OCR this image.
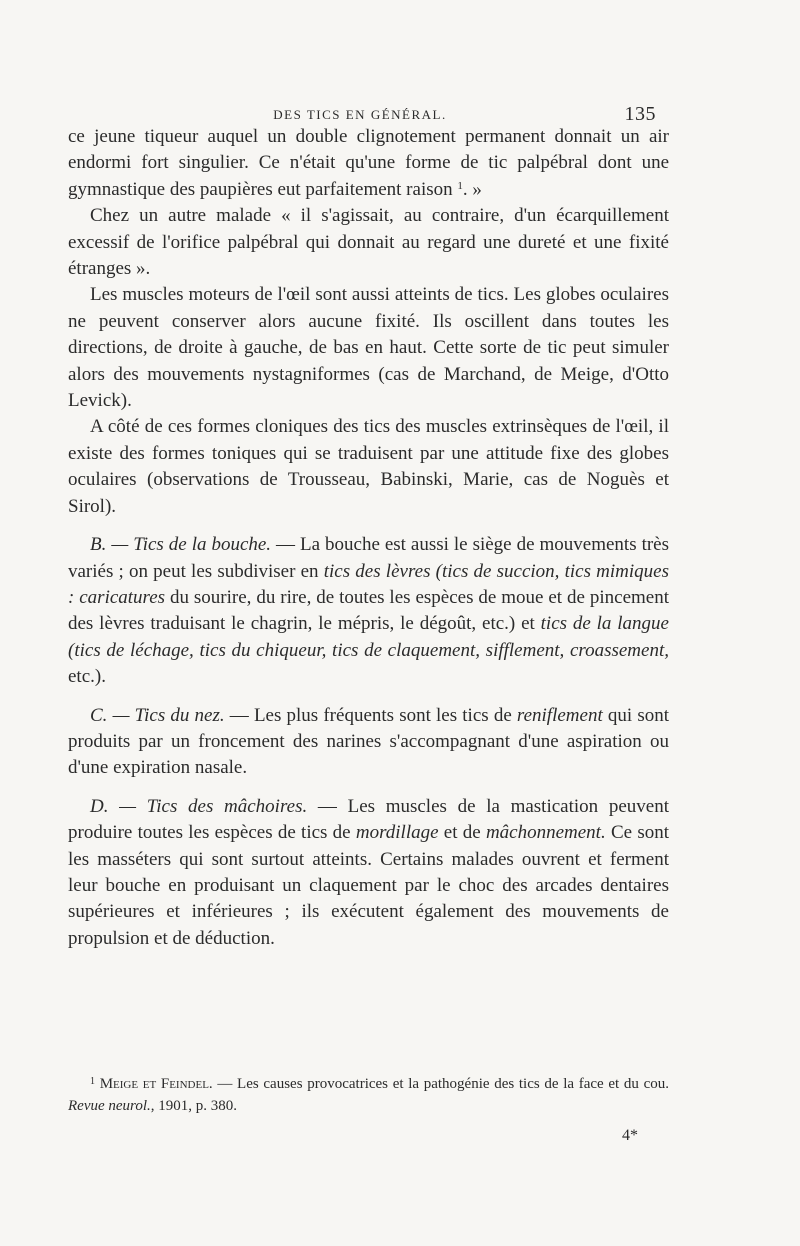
DES TICS EN GÉNÉRAL.	135

ce jeune tiqueur auquel un double clignotement permanent donnait un air endormi fort singulier. Ce n'était qu'une forme de tic palpébral dont une gymnastique des paupières eut parfaitement raison $^1$. »

Chez un autre malade « il s'agissait, au contraire, d'un écarquillement excessif de l'orifice palpébral qui donnait au regard une dureté et une fixité étranges ».

Les muscles moteurs de l'œil sont aussi atteints de tics. Les globes oculaires ne peuvent conserver alors aucune fixité. Ils oscillent dans toutes les directions, de droite à gauche, de bas en haut. Cette sorte de tic peut simuler alors des mouvements nystagniformes (cas de Marchand, de Meige, d'Otto Levick).

A côté de ces formes cloniques des tics des muscles extrinsèques de l'œil, il existe des formes toniques qui se traduisent par une attitude fixe des globes oculaires (observations de Trousseau, Babinski, Marie, cas de Noguès et Sirol).

B. — Tics de la bouche. — La bouche est aussi le siège de mouvements très variés ; on peut les subdiviser en tics des lèvres (tics de succion, tics mimiques : caricatures du sourire, du rire, de toutes les espèces de moue et de pincement des lèvres traduisant le chagrin, le mépris, le dégoût, etc.) et tics de la langue (tics de léchage, tics du chiqueur, tics de claquement, sifflement, croassement, etc.).

C. — Tics du nez. — Les plus fréquents sont les tics de reniflement qui sont produits par un froncement des narines s'accompagnant d'une aspiration ou d'une expiration nasale.

D. — Tics des mâchoires. — Les muscles de la mastication peuvent produire toutes les espèces de tics de mordillage et de mâchonnement. Ce sont les masséters qui sont surtout atteints. Certains malades ouvrent et ferment leur bouche en produisant un claquement par le choc des arcades dentaires supérieures et inférieures ; ils exécutent également des mouvements de propulsion et de déduction.

$^1$ Meige et Feindel. — Les causes provocatrices et la pathogénie des tics de la face et du cou. Revue neurol., 1901, p. 380.
4*
